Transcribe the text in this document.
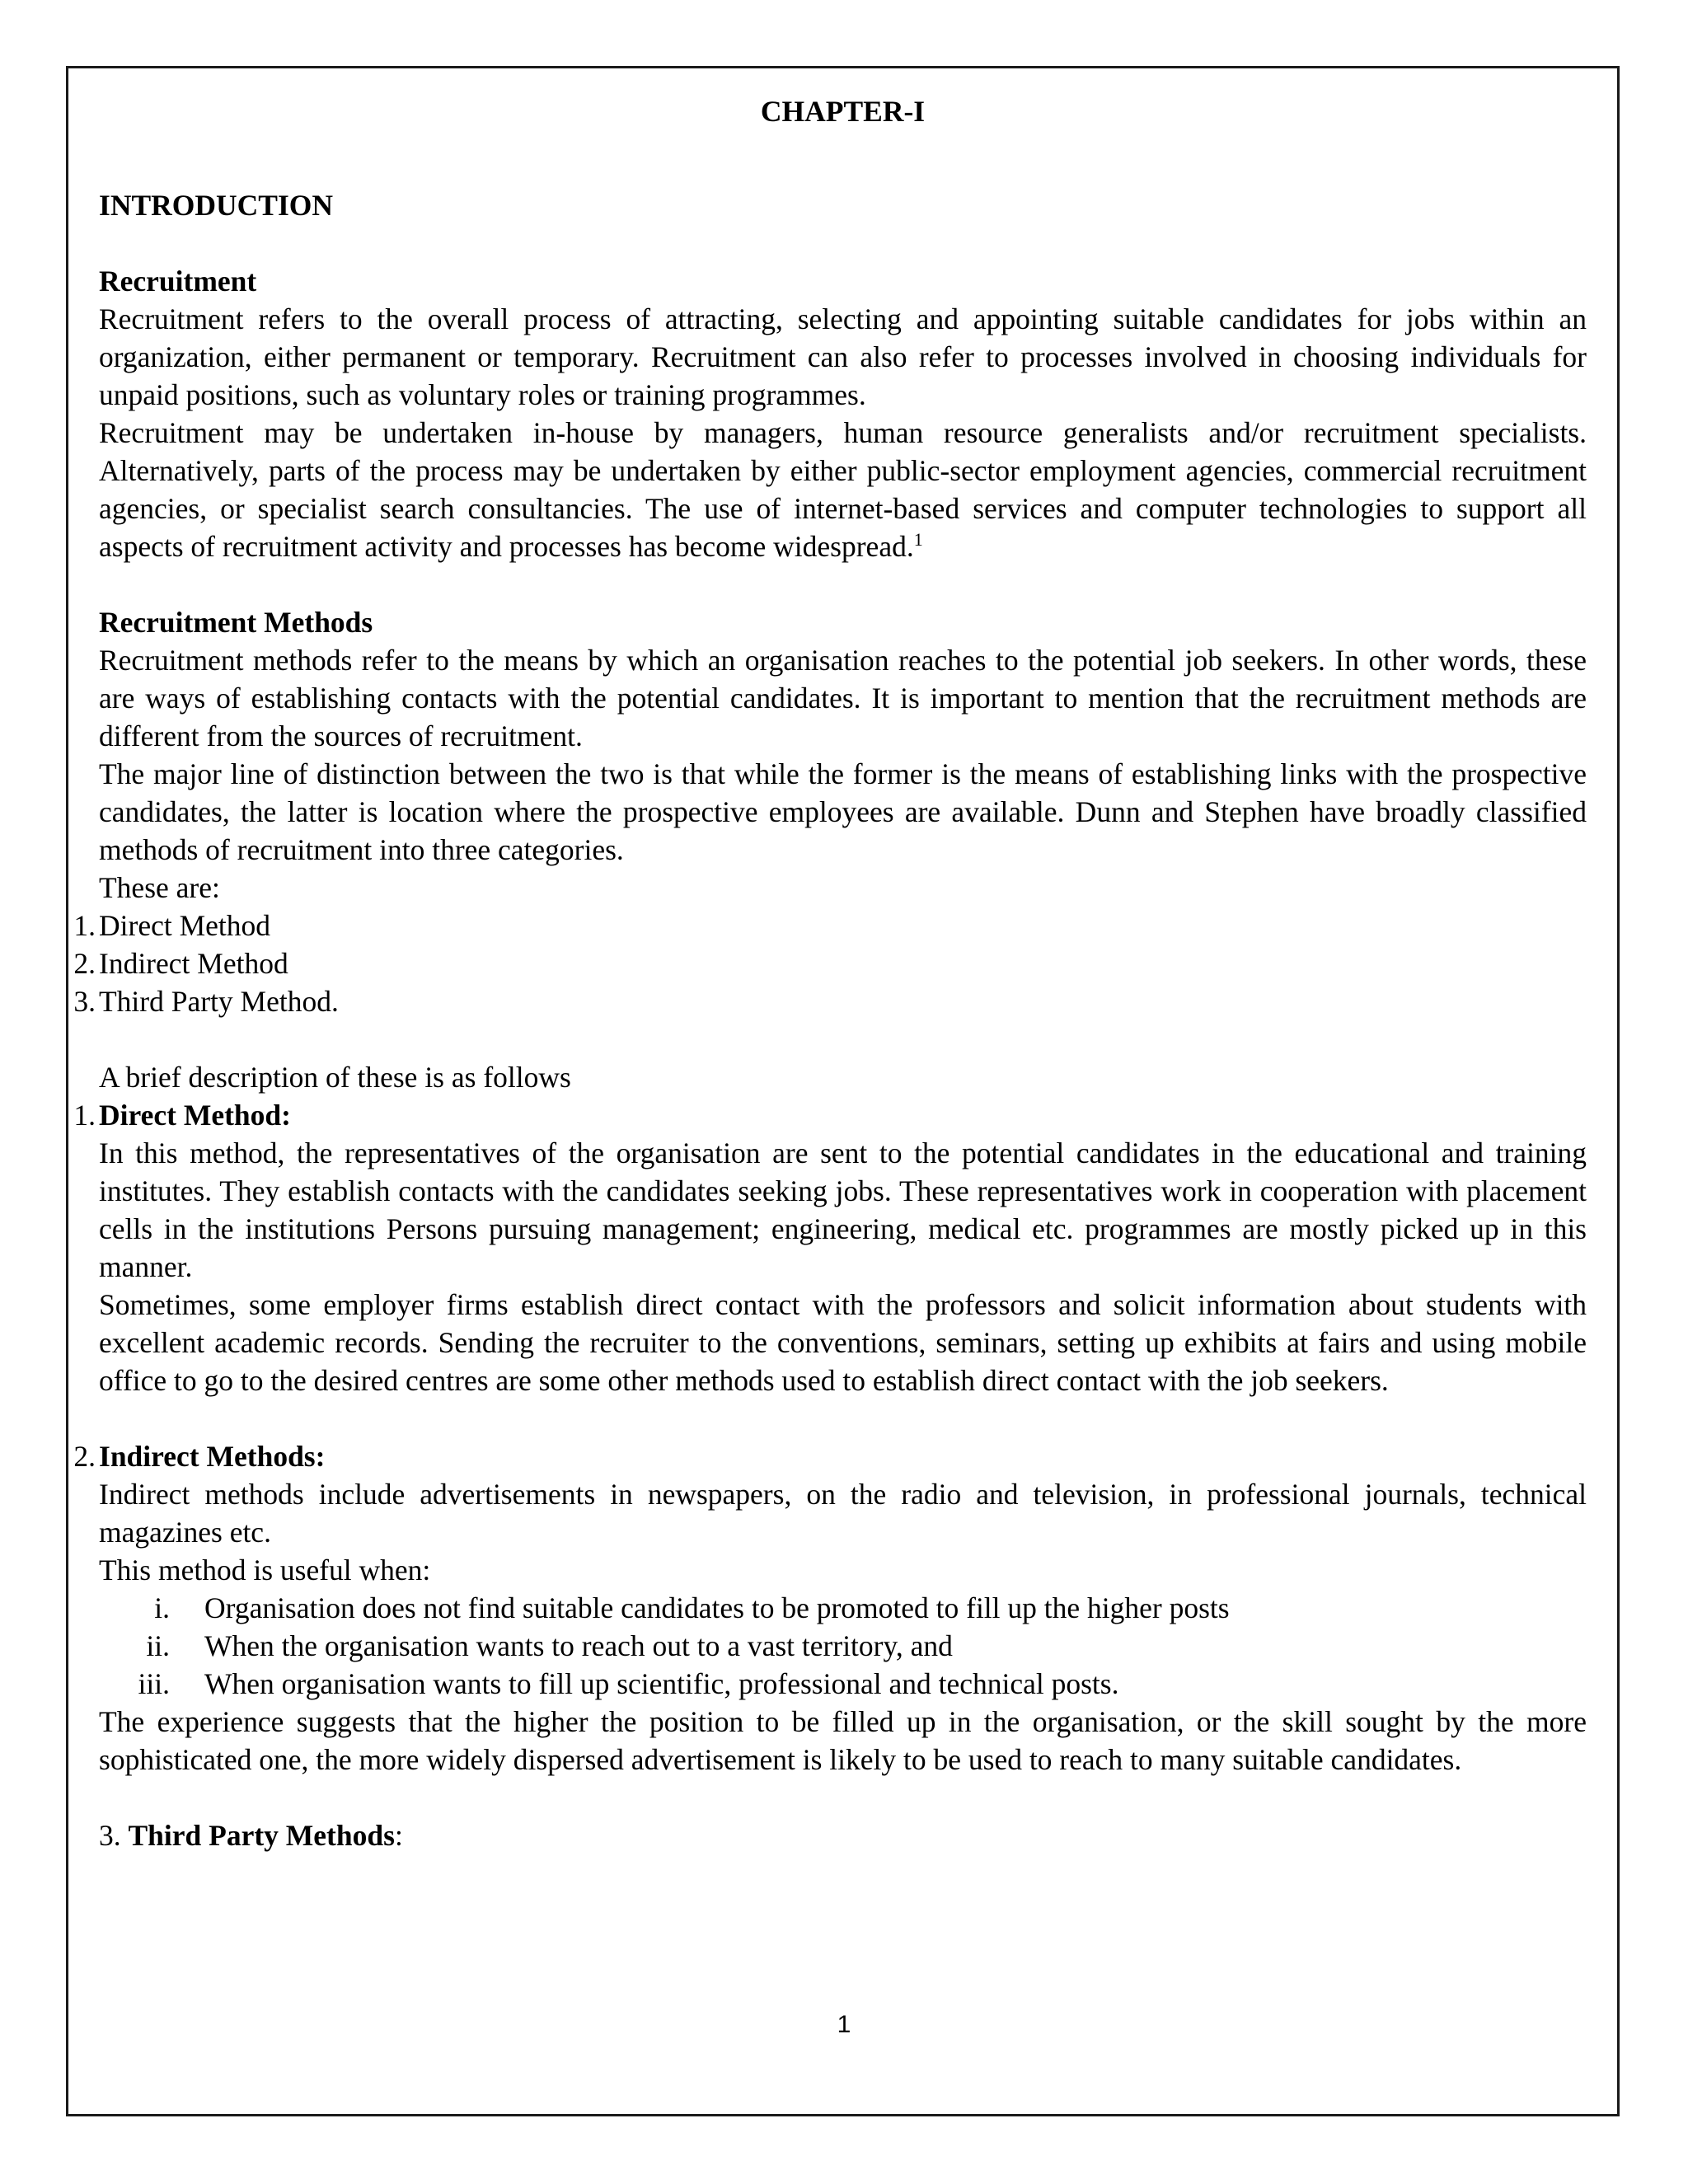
CHAPTER-I
INTRODUCTION
Recruitment

Recruitment refers to the overall process of attracting, selecting and appointing suitable candidates for jobs within an organization, either permanent or temporary. Recruitment can also refer to processes involved in choosing individuals for unpaid positions, such as voluntary roles or training programmes.

Recruitment may be undertaken in-house by managers, human resource generalists and/or recruitment specialists. Alternatively, parts of the process may be undertaken by either public-sector employment agencies, commercial recruitment agencies, or specialist search consultancies. The use of internet-based services and computer technologies to support all aspects of recruitment activity and processes has become widespread.$^1$

Recruitment Methods

Recruitment methods refer to the means by which an organisation reaches to the potential job seekers. In other words, these are ways of establishing contacts with the potential candidates. It is important to mention that the recruitment methods are different from the sources of recruitment.

The major line of distinction between the two is that while the former is the means of establishing links with the prospective candidates, the latter is location where the prospective employees are available. Dunn and Stephen have broadly classified methods of recruitment into three categories.

These are:
1. Direct Method
2. Indirect Method
3. Third Party Method.
A brief description of these is as follows
1. Direct Method:

In this method, the representatives of the organisation are sent to the potential candidates in the educational and training institutes. They establish contacts with the candidates seeking jobs. These representatives work in cooperation with placement cells in the institutions Persons pursuing management; engineering, medical etc. programmes are mostly picked up in this manner.

Sometimes, some employer firms establish direct contact with the professors and solicit information about students with excellent academic records. Sending the recruiter to the conventions, seminars, setting up exhibits at fairs and using mobile office to go to the desired centres are some other methods used to establish direct contact with the job seekers.

2. Indirect Methods:

Indirect methods include advertisements in newspapers, on the radio and television, in professional journals, technical magazines etc.

This method is useful when:
i. Organisation does not find suitable candidates to be promoted to fill up the higher posts
ii. When the organisation wants to reach out to a vast territory, and
iii. When organisation wants to fill up scientific, professional and technical posts.

The experience suggests that the higher the position to be filled up in the organisation, or the skill sought by the more sophisticated one, the more widely dispersed advertisement is likely to be used to reach to many suitable candidates.

3. Third Party Methods:
1
